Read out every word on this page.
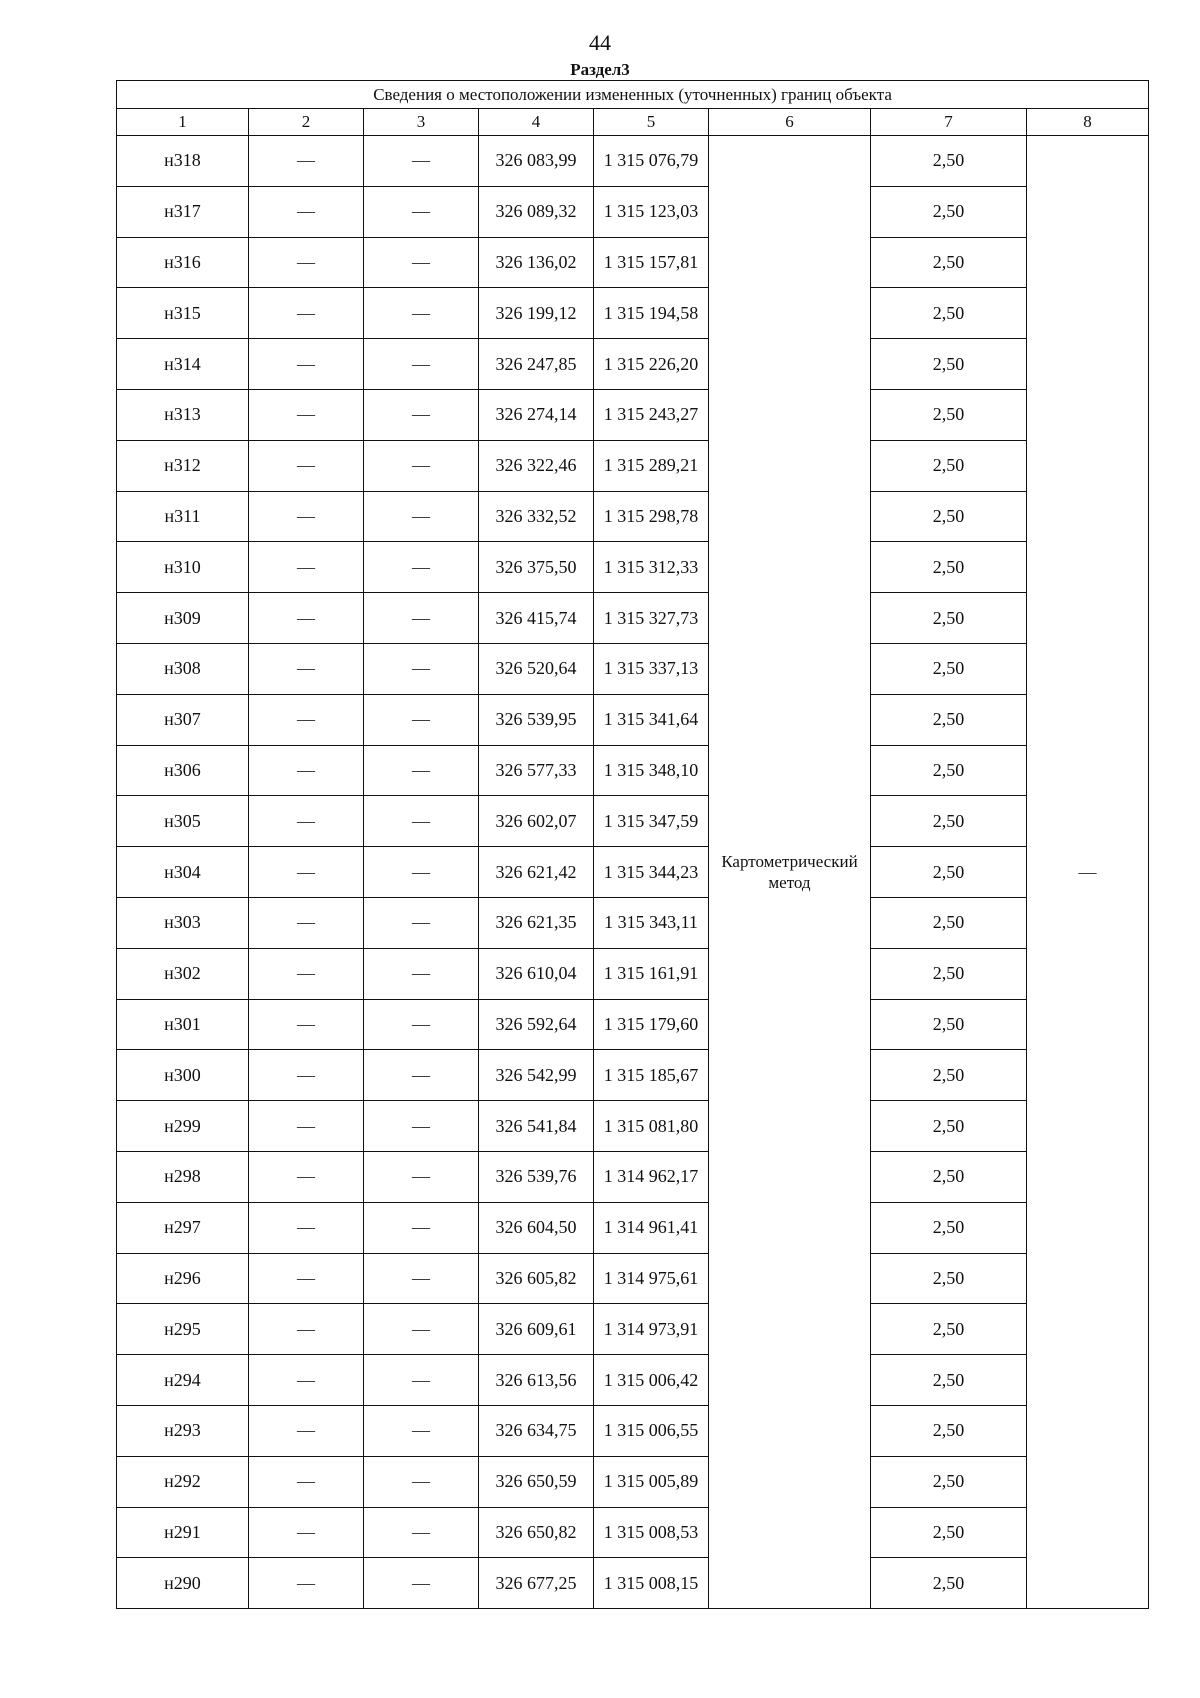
44
Раздел3
Сведения о местоположении измененных (уточненных) границ объекта							
1	2	3	4	5	6	7	8
н318	—	—	326 083,99	1 315 076,79	Картометрический метод	2,50	—
н317	—	—	326 089,32	1 315 123,03		2,50	
н316	—	—	326 136,02	1 315 157,81		2,50	
н315	—	—	326 199,12	1 315 194,58		2,50	
н314	—	—	326 247,85	1 315 226,20		2,50	
н313	—	—	326 274,14	1 315 243,27		2,50	
н312	—	—	326 322,46	1 315 289,21		2,50	
н311	—	—	326 332,52	1 315 298,78		2,50	
н310	—	—	326 375,50	1 315 312,33		2,50	
н309	—	—	326 415,74	1 315 327,73		2,50	
н308	—	—	326 520,64	1 315 337,13		2,50	
н307	—	—	326 539,95	1 315 341,64		2,50	
н306	—	—	326 577,33	1 315 348,10		2,50	
н305	—	—	326 602,07	1 315 347,59		2,50	
н304	—	—	326 621,42	1 315 344,23		2,50	
н303	—	—	326 621,35	1 315 343,11		2,50	
н302	—	—	326 610,04	1 315 161,91		2,50	
н301	—	—	326 592,64	1 315 179,60		2,50	
н300	—	—	326 542,99	1 315 185,67		2,50	
н299	—	—	326 541,84	1 315 081,80		2,50	
н298	—	—	326 539,76	1 314 962,17		2,50	
н297	—	—	326 604,50	1 314 961,41		2,50	
н296	—	—	326 605,82	1 314 975,61		2,50	
н295	—	—	326 609,61	1 314 973,91		2,50	
н294	—	—	326 613,56	1 315 006,42		2,50	
н293	—	—	326 634,75	1 315 006,55		2,50	
н292	—	—	326 650,59	1 315 005,89		2,50	
н291	—	—	326 650,82	1 315 008,53		2,50	
н290	—	—	326 677,25	1 315 008,15		2,50	
